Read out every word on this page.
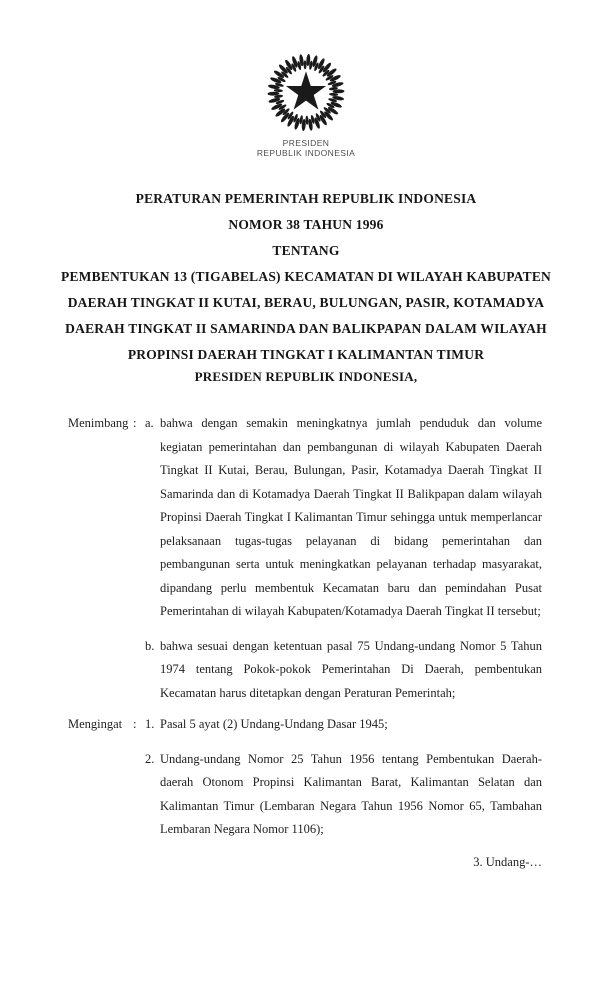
PRESIDEN
REPUBLIK INDONESIA
PERATURAN PEMERINTAH REPUBLIK INDONESIA
NOMOR 38 TAHUN 1996
TENTANG
PEMBENTUKAN 13 (TIGABELAS) KECAMATAN DI WILAYAH KABUPATEN
DAERAH TINGKAT II KUTAI, BERAU, BULUNGAN, PASIR, KOTAMADYA
DAERAH TINGKAT II SAMARINDA DAN BALIKPAPAN DALAM WILAYAH
PROPINSI DAERAH TINGKAT I KALIMANTAN TIMUR
PRESIDEN REPUBLIK INDONESIA,
Menimbang : a. bahwa dengan semakin meningkatnya jumlah penduduk dan volume kegiatan pemerintahan dan pembangunan di wilayah Kabupaten Daerah Tingkat II Kutai, Berau, Bulungan, Pasir, Kotamadya Daerah Tingkat II Samarinda dan di Kotamadya Daerah Tingkat II Balikpapan dalam wilayah Propinsi Daerah Tingkat I Kalimantan Timur sehingga untuk memperlancar pelaksanaan tugas-tugas pelayanan di bidang pemerintahan dan pembangunan serta untuk meningkatkan pelayanan terhadap masyarakat, dipandang perlu membentuk Kecamatan baru dan pemindahan Pusat Pemerintahan di wilayah Kabupaten/Kotamadya Daerah Tingkat II tersebut;
b. bahwa sesuai dengan ketentuan pasal 75 Undang-undang Nomor 5 Tahun 1974 tentang Pokok-pokok Pemerintahan Di Daerah, pembentukan Kecamatan harus ditetapkan dengan Peraturan Pemerintah;
Mengingat : 1. Pasal 5 ayat (2) Undang-Undang Dasar 1945;
2. Undang-undang Nomor 25 Tahun 1956 tentang Pembentukan Daerah-daerah Otonom Propinsi Kalimantan Barat, Kalimantan Selatan dan Kalimantan Timur (Lembaran Negara Tahun 1956 Nomor 65, Tambahan Lembaran Negara Nomor 1106);
3. Undang-…
